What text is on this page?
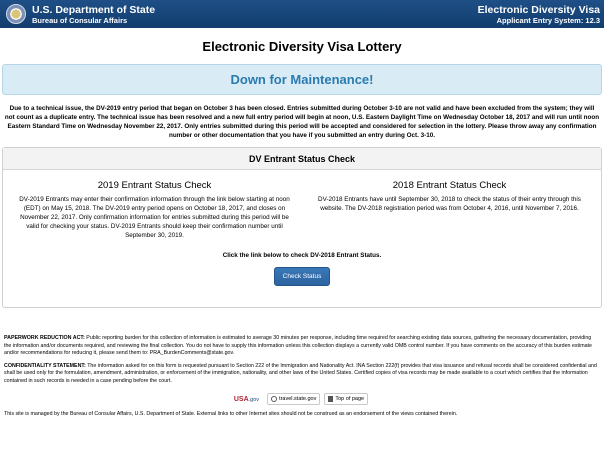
U.S. Department of State
Bureau of Consular Affairs
Electronic Diversity Visa
Applicant Entry System: 12.3
Electronic Diversity Visa Lottery
Down for Maintenance!

Due to a technical issue, the DV-2019 entry period that began on October 3 has been closed. Entries submitted during October 3-10 are not valid and have been excluded from the system; they will not count as a duplicate entry. The technical issue has been resolved and a new full entry period will begin at noon, U.S. Eastern Daylight Time on Wednesday October 18, 2017 and will run until noon Eastern Standard Time on Wednesday November 22, 2017. Only entries submitted during this period will be accepted and considered for selection in the lottery. Please throw away any confirmation number or other documentation that you have if you submitted an entry during Oct. 3-10.

DV Entrant Status Check
2019 Entrant Status Check

DV-2019 Entrants may enter their confirmation information through the link below starting at noon (EDT) on May 15, 2018. The DV-2019 entry period opens on October 18, 2017, and closes on November 22, 2017. Only confirmation information for entries submitted during this period will be valid for checking your status. DV-2019 Entrants should keep their confirmation number until September 30, 2019.

2018 Entrant Status Check

DV-2018 Entrants have until September 30, 2018 to check the status of their entry through this website. The DV-2018 registration period was from October 4, 2016, until November 7, 2016.

Click the link below to check DV-2018 Entrant Status.
Check Status

PAPERWORK REDUCTION ACT: Public reporting burden for this collection of information is estimated to average 30 minutes per response, including time required for searching existing data sources, gathering the necessary documentation, providing the information and/or documents required, and reviewing the final collection. You do not have to supply this information unless this collection displays a currently valid OMB control number. If you have comments on the accuracy of this burden estimate and/or recommendations for reducing it, please send them to: PRA_BurdenComments@state.gov.

CONFIDENTIALITY STATEMENT: The information asked for on this form is requested pursuant to Section 222 of the Immigration and Nationality Act. INA Section 222(f) provides that visa issuance and refusal records shall be considered confidential and shall be used only for the formulation, amendment, administration, or enforcement of the immigration, nationality, and other laws of the United States. Certified copies of visa records may be made available to a court which certifies that the information contained in such records is needed in a case pending before the court.

USA.gov	travel.state.gov	Top of page

This site is managed by the Bureau of Consular Affairs, U.S. Department of State. External links to other Internet sites should not be construed as an endorsement of the views contained therein.
